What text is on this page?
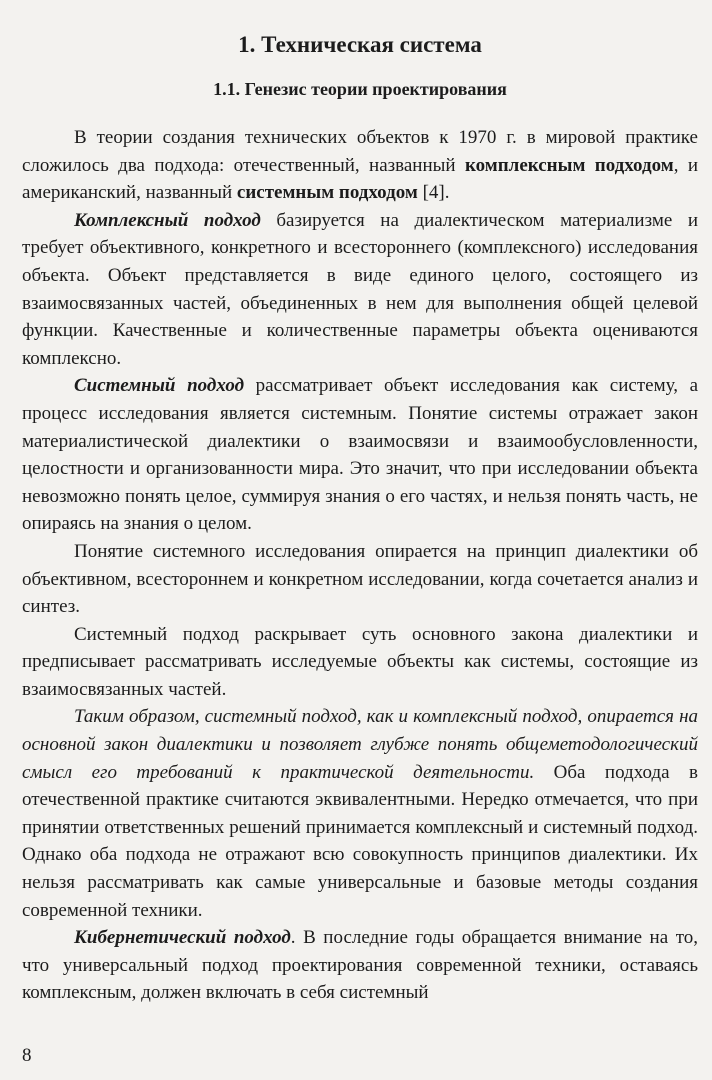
1. Техническая система
1.1. Генезис теории проектирования

В теории создания технических объектов к 1970 г. в мировой практике сложилось два подхода: отечественный, названный комплексным подходом, и американский, названный системным подходом [4].

Комплексный подход базируется на диалектическом материализме и требует объективного, конкретного и всестороннего (комплексного) исследования объекта. Объект представляется в виде единого целого, состоящего из взаимосвязанных частей, объединенных в нем для выполнения общей целевой функции. Качественные и количественные параметры объекта оцениваются комплексно.

Системный подход рассматривает объект исследования как систему, а процесс исследования является системным. Понятие системы отражает закон материалистической диалектики о взаимосвязи и взаимообусловленности, целостности и организованности мира. Это значит, что при исследовании объекта невозможно понять целое, суммируя знания о его частях, и нельзя понять часть, не опираясь на знания о целом.

Понятие системного исследования опирается на принцип диалектики об объективном, всестороннем и конкретном исследовании, когда сочетается анализ и синтез.

Системный подход раскрывает суть основного закона диалектики и предписывает рассматривать исследуемые объекты как системы, состоящие из взаимосвязанных частей.

Таким образом, системный подход, как и комплексный подход, опирается на основной закон диалектики и позволяет глубже понять общеметодологический смысл его требований к практической деятельности. Оба подхода в отечественной практике считаются эквивалентными. Нередко отмечается, что при принятии ответственных решений принимается комплексный и системный подход. Однако оба подхода не отражают всю совокупность принципов диалектики. Их нельзя рассматривать как самые универсальные и базовые методы создания современной техники.

Кибернетический подход. В последние годы обращается внимание на то, что универсальный подход проектирования современной техники, оставаясь комплексным, должен включать в себя системный

8
